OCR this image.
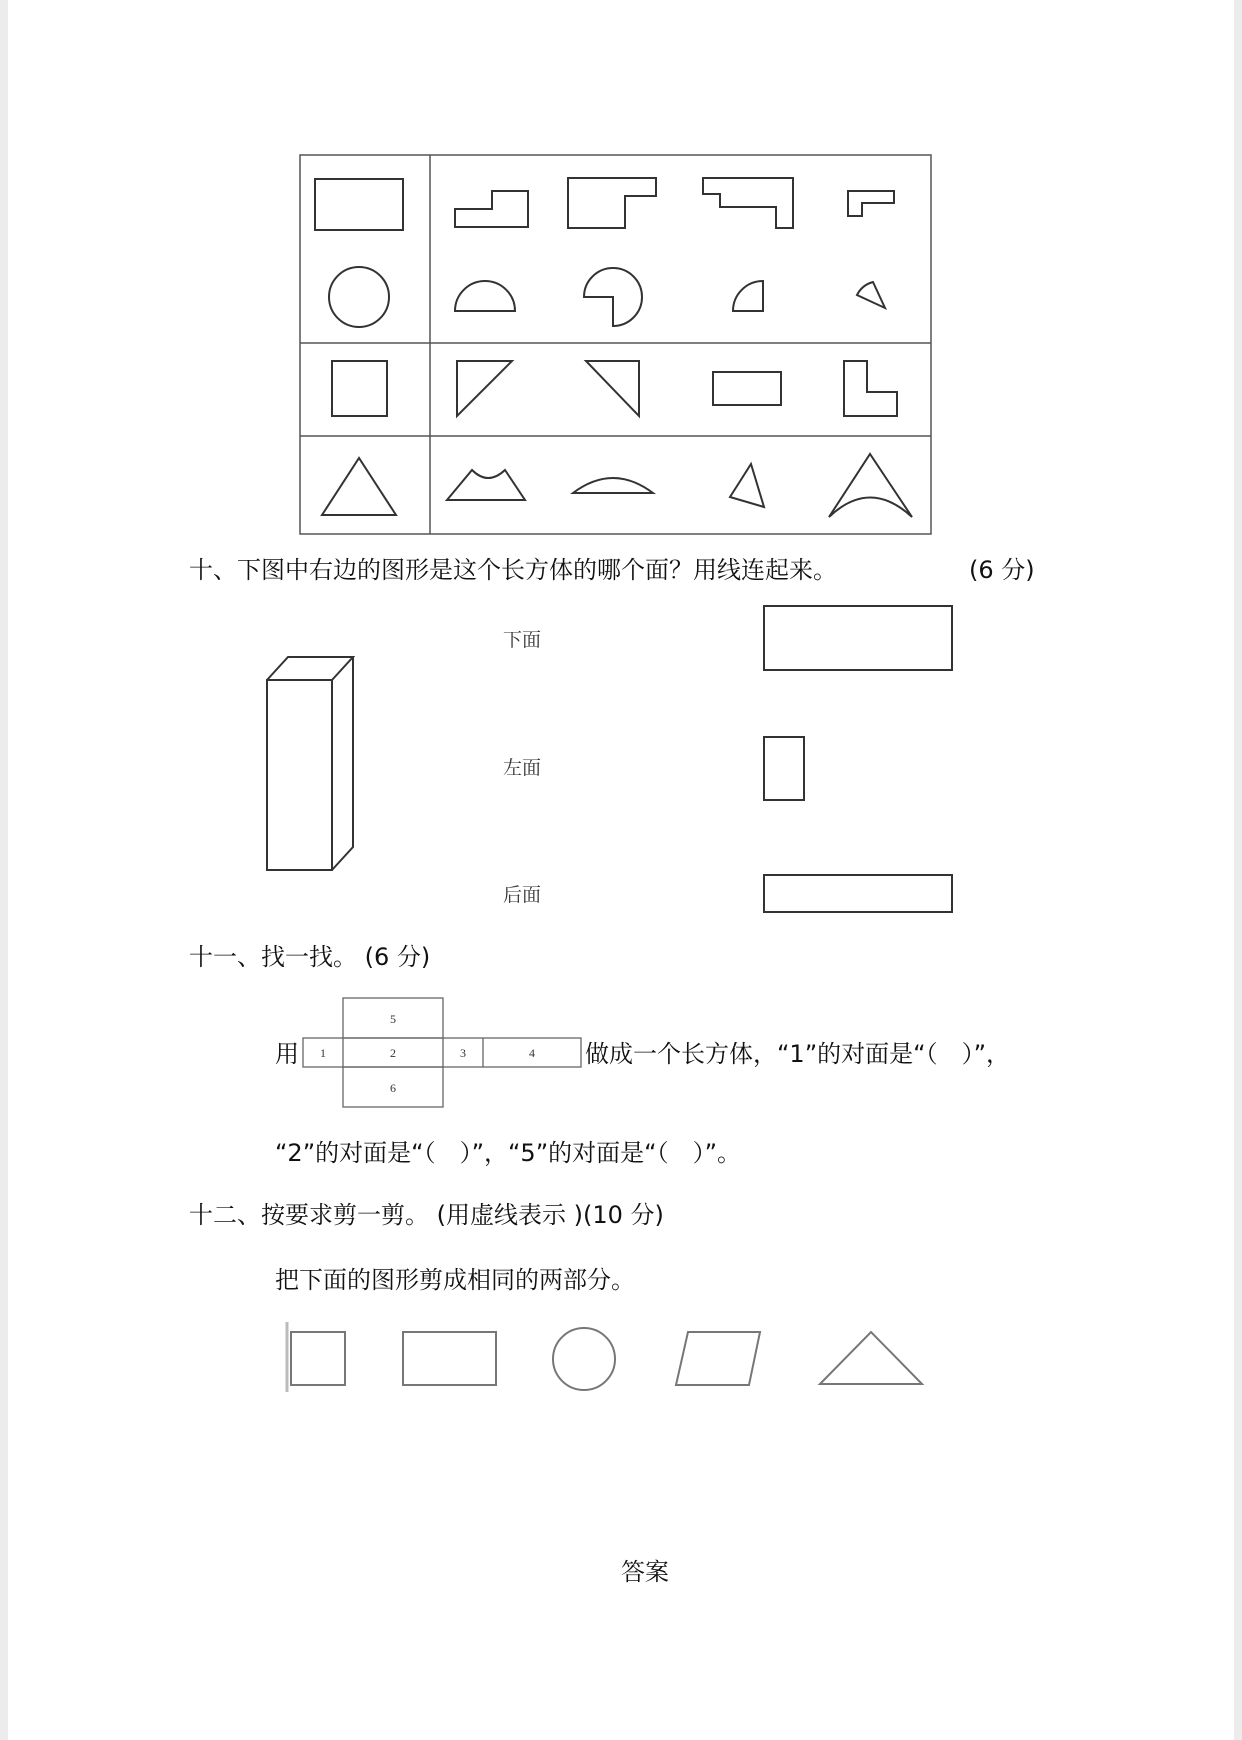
1	2	3	4
5
6
十、下图中右边的图形是这个长方体的哪个面？用线连起来。	(6 分)
下面
左面
后面
十一、找一找。 (6 分)
用	做成一个长方体，“1”的对面是“（　）”，
“2”的对面是“（　）”，“5”的对面是“（　）”。
十二、按要求剪一剪。 (用虚线表示 )(10 分)
把下面的图形剪成相同的两部分。
答案
